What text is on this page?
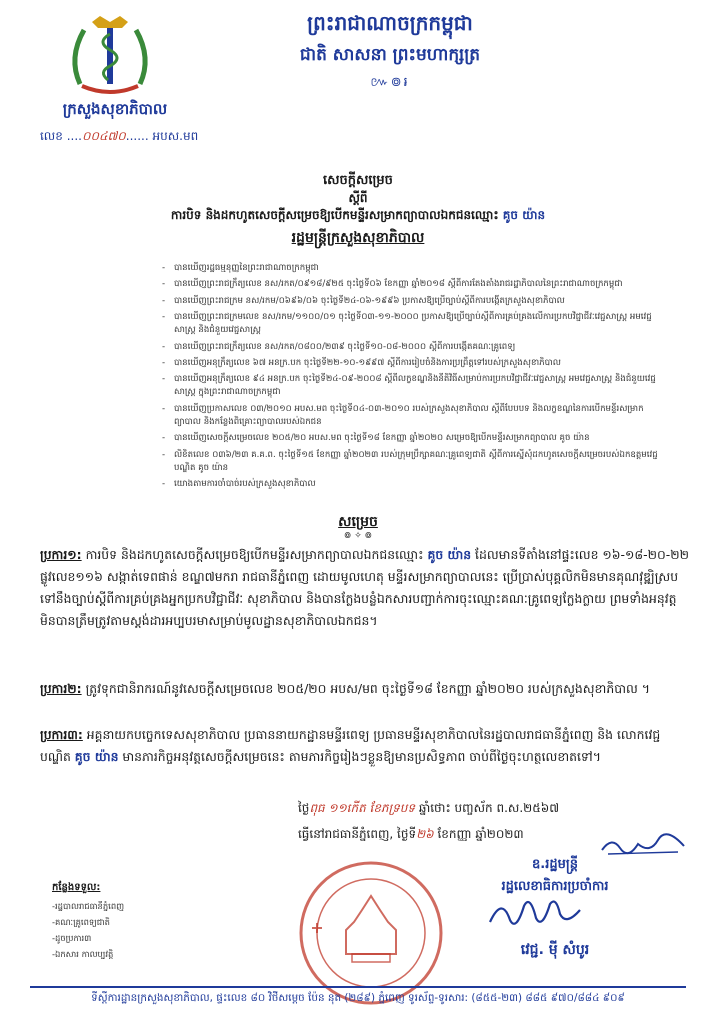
ក្រសួងសុខាភិបាល
លេខ ....០០៤៧០...... អបស.មព
ព្រះរាជាណាចក្រកម្ពុជា
ជាតិ សាសនា ព្រះមហាក្សត្រ
៚៙៛
សេចក្តីសម្រេច
ស្តីពី
ការបិទ និងដកហូតសេចក្តីសម្រេចឱ្យបើកមន្ទីរសម្រាកព្យាបាលឯកជនឈ្មោះ គូច យ៉ាន
រដ្ឋមន្ត្រីក្រសួងសុខាភិបាល
- បានឃើញរដ្ឋធម្មនុញ្ញនៃព្រះរាជាណាចក្រកម្ពុជា
- បានឃើញព្រះរាជក្រឹត្យលេខ នស/រកត/០៩១៨/៩២៥ ចុះថ្ងៃទី០៦ ខែកញ្ញា ឆ្នាំ២០១៨ ស្តីពីការតែងតាំងរាជរដ្ឋាភិបាលនៃព្រះរាជាណាចក្រកម្ពុជា
- បានឃើញព្រះរាជក្រម នស/រកម/០៦៩៦/០៦ ចុះថ្ងៃទី២៤-០៦-១៩៩៦ ប្រកាសឱ្យប្រើច្បាប់ស្តីពីការបង្កើតក្រសួងសុខាភិបាល
- បានឃើញព្រះរាជក្រមលេខ នស/រកម/១១០០/០១ ចុះថ្ងៃទី០៣-១១-២០០០ ប្រកាសឱ្យប្រើច្បាប់ស្តីពីការគ្រប់គ្រងលើការប្រកបវិជ្ជាជីវៈវេជ្ជសាស្ត្រ អមវេជ្ជសាស្ត្រ និងជំនួយវេជ្ជសាស្ត្រ
- បានឃើញព្រះរាជក្រឹត្យលេខ នស/រកត/០៨០០/២៣៩ ចុះថ្ងៃទី១០-០៨-២០០០ ស្តីពីការបង្កើតគណៈគ្រូពេទ្យ
- បានឃើញអនុក្រឹត្យលេខ ៦៧ អនក្រ.បក ចុះថ្ងៃទី២២-១០-១៩៩៧ ស្តីពីការរៀបចំនិងការប្រព្រឹត្តទៅរបស់ក្រសួងសុខាភិបាល
- បានឃើញអនុក្រឹត្យលេខ ៩៤ អនក្រ.បក ចុះថ្ងៃទី២៤-០៩-២០០៨ ស្តីពីលក្ខខណ្ឌនិងនីតិវិធីសម្រាប់ការប្រកបវិជ្ជាជីវៈវេជ្ជសាស្ត្រ អមវេជ្ជសាស្ត្រ និងជំនួយវេជ្ជសាស្ត្រ ក្នុងព្រះរាជាណាចក្រកម្ពុជា
- បានឃើញប្រកាសលេខ ០៣/២០១០ អបស.មព ចុះថ្ងៃទី០៤-០៣-២០១០ របស់ក្រសួងសុខាភិបាល ស្តីពីបែបបទ និងលក្ខខណ្ឌនៃការបើកមន្ទីរសម្រាកព្យាបាល និងកន្លែងពិគ្រោះព្យាបាលរបស់ឯកជន
- បានឃើញសេចក្តីសម្រេចលេខ ២០៥/២០ អបស.មព ចុះថ្ងៃទី១៨ ខែកញ្ញា ឆ្នាំ២០២០ សម្រេចឱ្យបើកមន្ទីរសម្រាកព្យាបាល គូច យ៉ាន
- លិខិតលេខ ០៣៦/២៣ គ.គ.ព. ចុះថ្ងៃទី១៥ ខែកញ្ញា ឆ្នាំ២០២៣ របស់ក្រុមប្រឹក្សាគណៈគ្រូពេទ្យជាតិ ស្តីពីការស្នើសុំដកហូតសេចក្តីសម្រេចរបស់ឯកឧត្តមវេជ្ជបណ្ឌិត គូច យ៉ាន
- យោងតាមការចាំបាច់របស់ក្រសួងសុខាភិបាល
សម្រេច
៙ ✧ ៙
ប្រការ១: ការបិទ និងដកហូតសេចក្តីសម្រេចឱ្យបើកមន្ទីរសម្រាកព្យាបាលឯកជនឈ្មោះ គូច យ៉ាន ដែលមានទីតាំងនៅផ្ទះលេខ ១៦-១៨-២០-២២ ផ្លូវលេខ១១៦ សង្កាត់ទេពផាន់ ខណ្ឌ៧មករា រាជធានីភ្នំពេញ ដោយមូលហេតុ មន្ទីរសម្រាកព្យាបាលនេះ ប្រើប្រាស់បុគ្គលិកមិនមានគុណវុឌ្ឍិស្របទៅនឹងច្បាប់ស្តីពីការគ្រប់គ្រងអ្នកប្រកបវិជ្ជាជីវៈ សុខាភិបាល និងបានក្លែងបន្លំឯកសារបញ្ជាក់ការចុះឈ្មោះគណៈគ្រូពេទ្យក្លែងក្លាយ ព្រមទាំងអនុវត្តមិនបានត្រឹមត្រូវតាមស្តង់ដារអប្បបរមាសម្រាប់មូលដ្ឋានសុខាភិបាលឯកជន។
ប្រការ២: ត្រូវទុកជានិរាករណ៍នូវសេចក្តីសម្រេចលេខ ២០៥/២០ អបស/មព ចុះថ្ងៃទី១៨ ខែកញ្ញា ឆ្នាំ២០២០ របស់ក្រសួងសុខាភិបាល ។
ប្រការ៣: អគ្គនាយកបច្ចេកទេសសុខាភិបាល ប្រធាននាយកដ្ឋានមន្ទីរពេទ្យ ប្រធានមន្ទីរសុខាភិបាលនៃរដ្ឋបាលរាជធានីភ្នំពេញ និង លោកវេជ្ជបណ្ឌិត គូច យ៉ាន មានភារកិច្ចអនុវត្តសេចក្តីសម្រេចនេះ តាមភារកិច្ចរៀងៗខ្លួនឱ្យមានប្រសិទ្ធភាព ចាប់ពីថ្ងៃចុះហត្ថលេខាតទៅ។
ថ្ងៃពុធ ១១កើត ខែភទ្របទ ឆ្នាំថោះ បញ្ចស័ក ព.ស.២៥៦៧
ធ្វើនៅរាជធានីភ្នំពេញ, ថ្ងៃទី២៦ ខែកញ្ញា ឆ្នាំ២០២៣
ឧ.រដ្ឋមន្ត្រី
រដ្ឋលេខាធិការប្រចាំការ
វេជ្ជ. ម៉ី សំបូរ
កន្លែងទទួល:
-រដ្ឋបាលរាជធានីភ្នំពេញ
-គណៈគ្រូពេទ្យជាតិ
-ដូចប្រការ៣
-ឯកសារ កាលប្បវត្តិ
ទីស្តីការដ្ឋានក្រសួងសុខាភិបាល, ផ្ទះលេខ ៨០ វិថីសម្តេច ប៉ែន នុត (២៨៩) ភ្នំពេញ ទូរស័ព្ទ-ទូរសារ: (៨៥៥-២៣) ៨៨៥ ៩៧០/៨៨៤ ៩០៩
